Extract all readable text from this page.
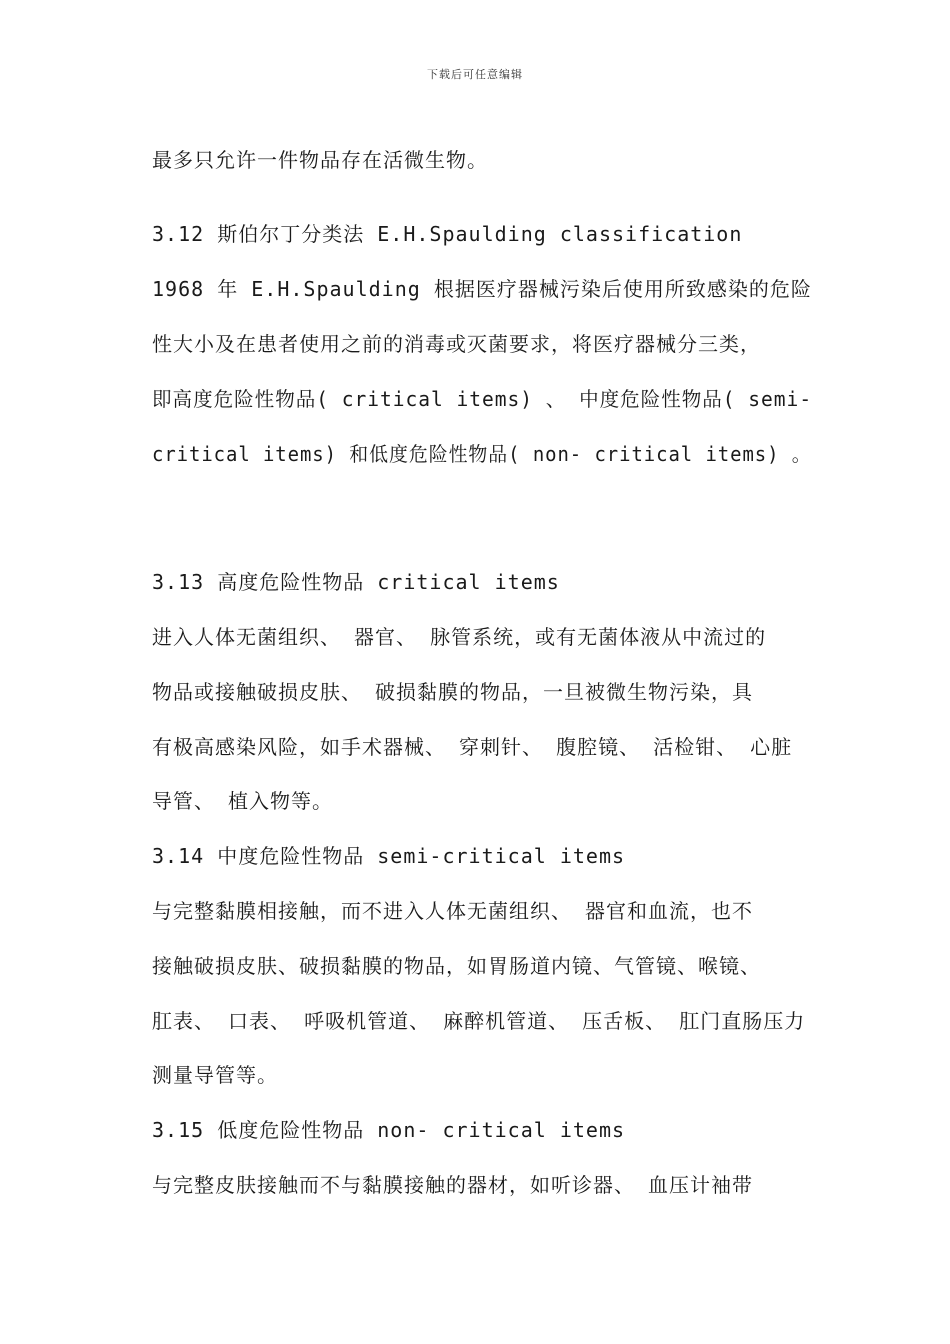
下载后可任意编辑
最多只允许一件物品存在活微生物。
3.12 斯伯尔丁分类法 E.H.Spaulding classification
1968 年 E.H.Spaulding 根据医疗器械污染后使用所致感染的危险
性大小及在患者使用之前的消毒或灭菌要求，将医疗器械分三类，
即高度危险性物品( critical items) 、 中度危险性物品( semi-
critical items) 和低度危险性物品( non- critical items) 。
3.13 高度危险性物品 critical items
进入人体无菌组织、 器官、 脉管系统，或有无菌体液从中流过的
物品或接触破损皮肤、 破损黏膜的物品，一旦被微生物污染，具
有极高感染风险，如手术器械、 穿刺针、 腹腔镜、 活检钳、 心脏
导管、 植入物等。
3.14 中度危险性物品 semi-critical items
与完整黏膜相接触，而不进入人体无菌组织、 器官和血流，也不
接触破损皮肤、破损黏膜的物品，如胃肠道内镜、气管镜、喉镜、
肛表、 口表、 呼吸机管道、 麻醉机管道、 压舌板、 肛门直肠压力
测量导管等。
3.15 低度危险性物品 non- critical items
与完整皮肤接触而不与黏膜接触的器材，如听诊器、 血压计袖带
